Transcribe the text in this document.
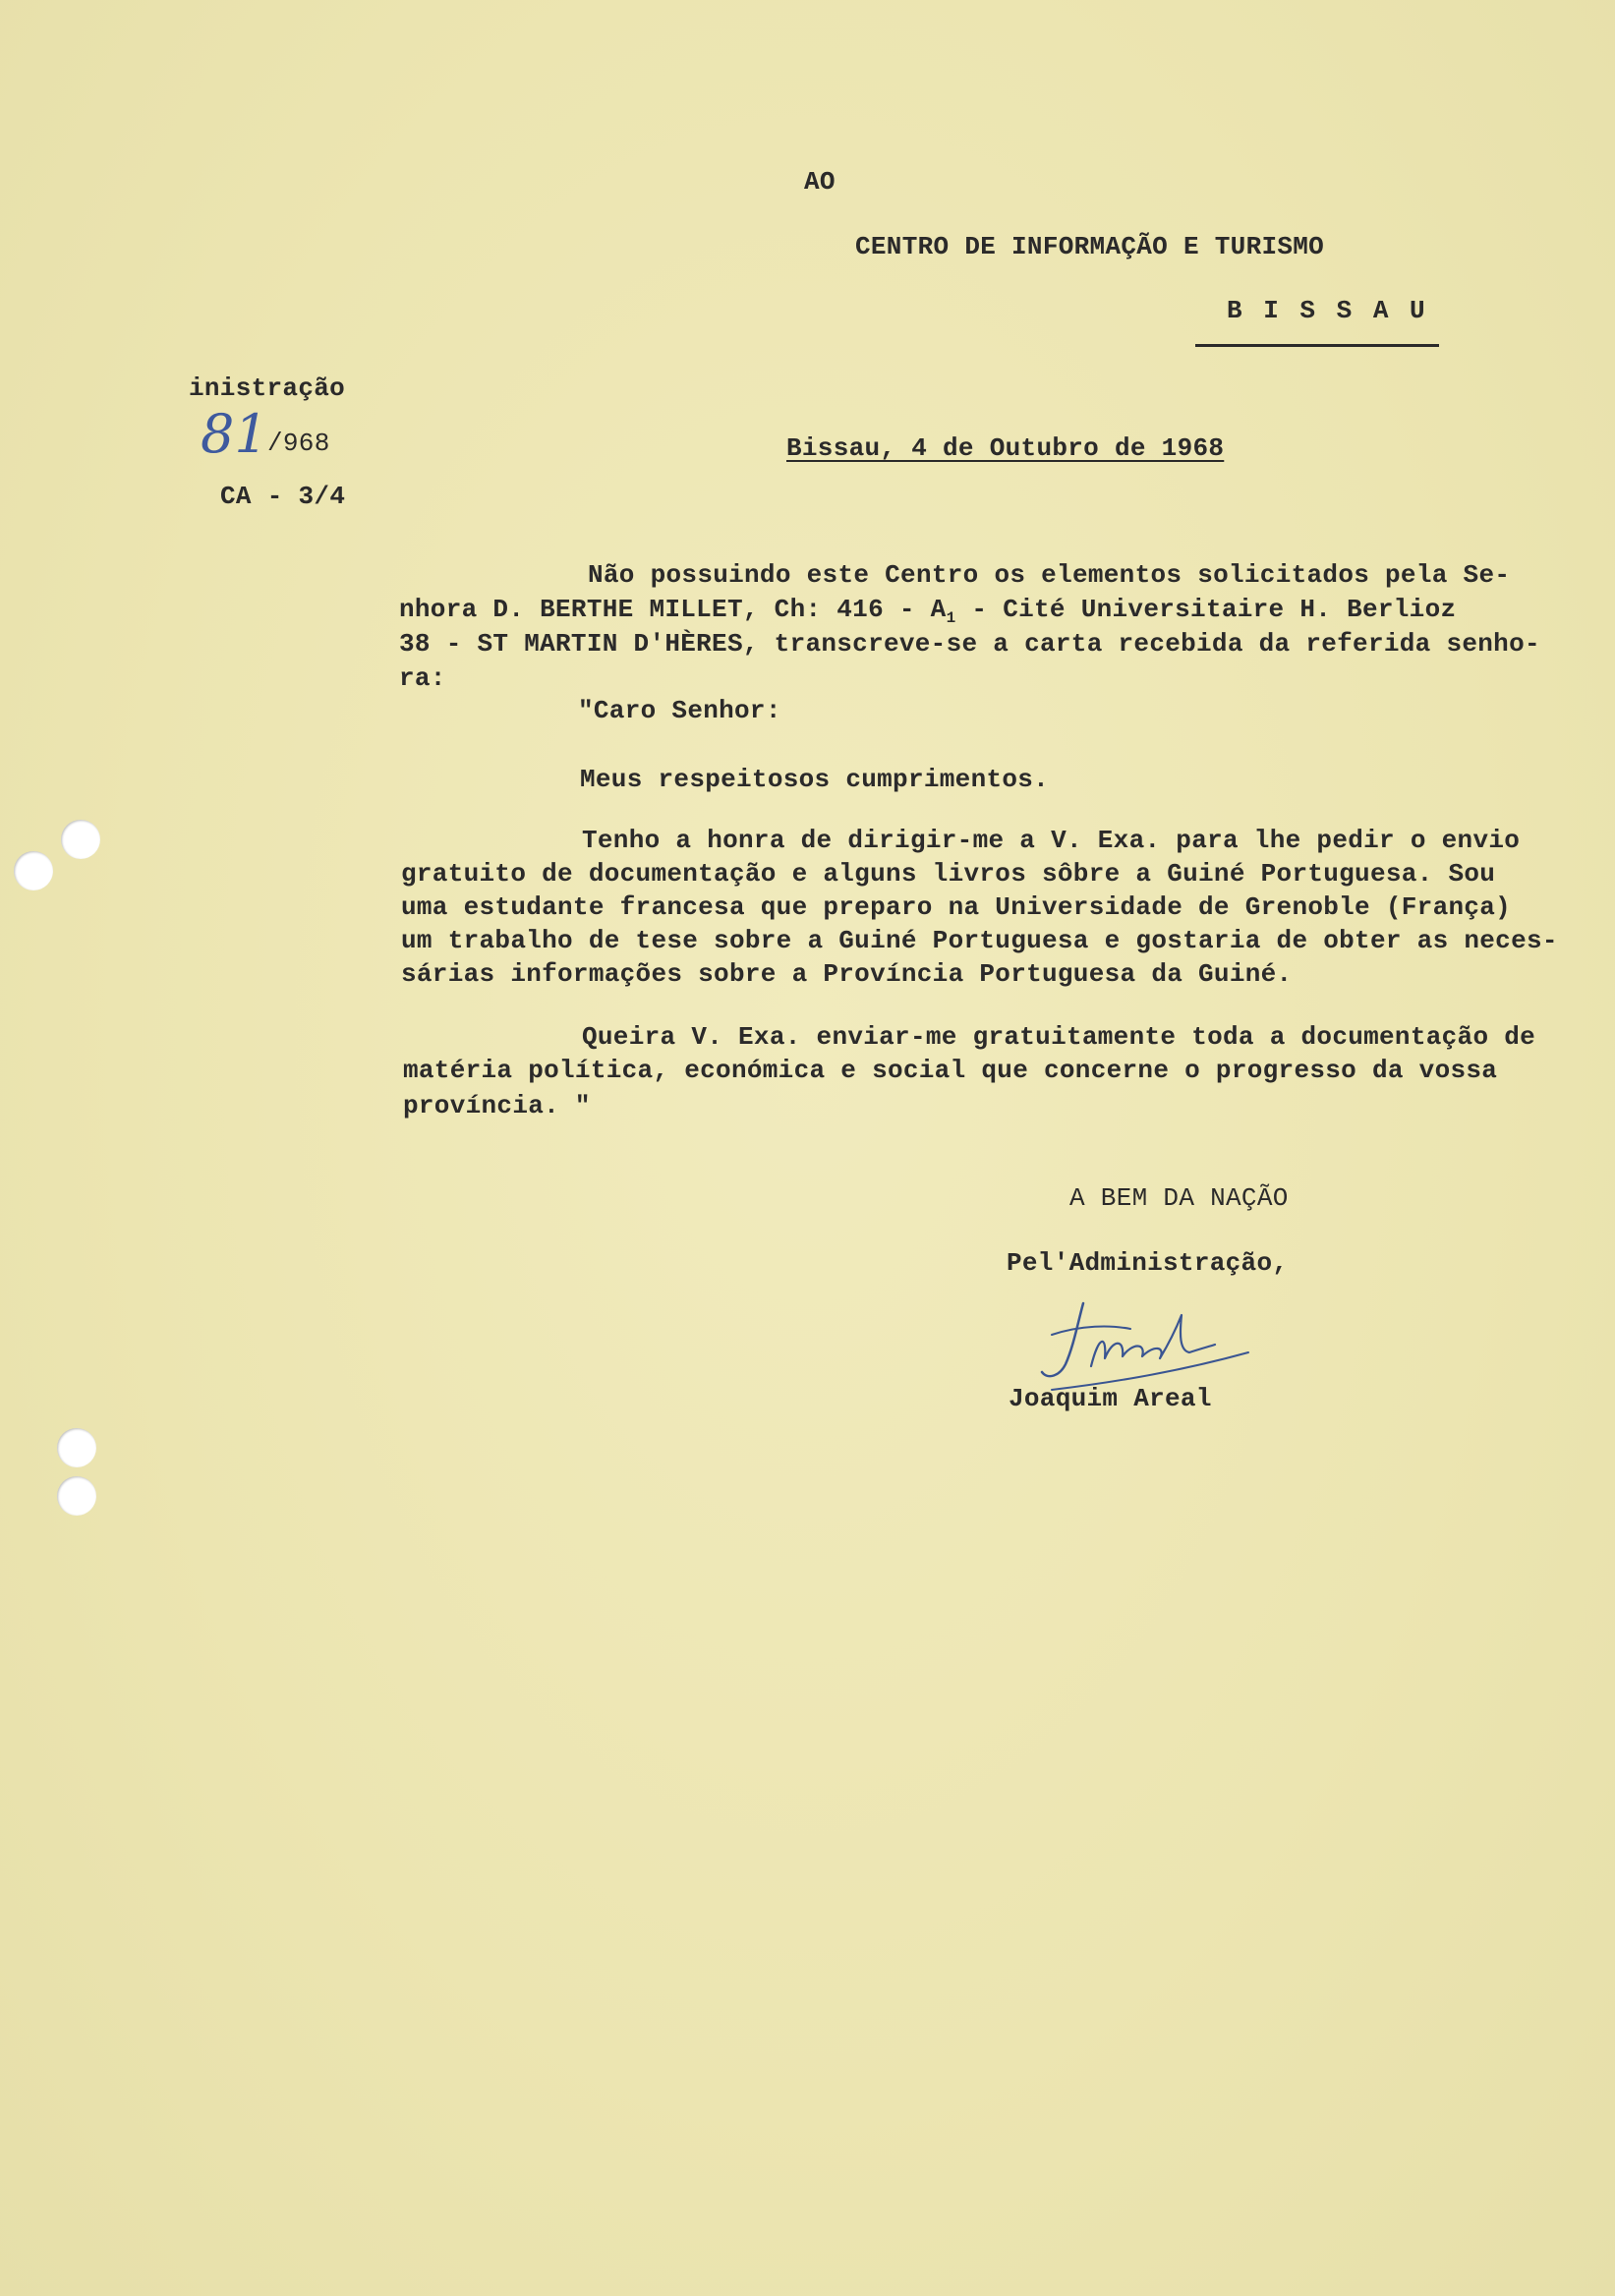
AO
CENTRO DE INFORMAÇÃO E TURISMO
B I S S A U
inistração
81 /968
CA - 3/4
Bissau, 4 de Outubro de 1968
Não possuindo este Centro os elementos solicitados pela Se-
nhora D. BERTHE MILLET, Ch: $416 - A_1$ - Cité Universitaire H. Berlioz
38 - ST MARTIN D'HÈRES, transcreve-se a carta recebida da referida senho-
ra:
"Caro Senhor:
Meus respeitosos cumprimentos.
Tenho a honra de dirigir-me a V. Exa. para lhe pedir o envio
gratuito de documentação e alguns livros sôbre a Guiné Portuguesa. Sou
uma estudante francesa que preparo na Universidade de Grenoble (França)
um trabalho de tese sobre a Guiné Portuguesa e gostaria de obter as neces-
sárias informações sobre a Província Portuguesa da Guiné.
Queira V. Exa. enviar-me gratuitamente toda a documentação de
matéria política, económica e social que concerne o progresso da vossa
província. "
A BEM DA NAÇÃO
Pel'Administração,
Joaquim Areal
